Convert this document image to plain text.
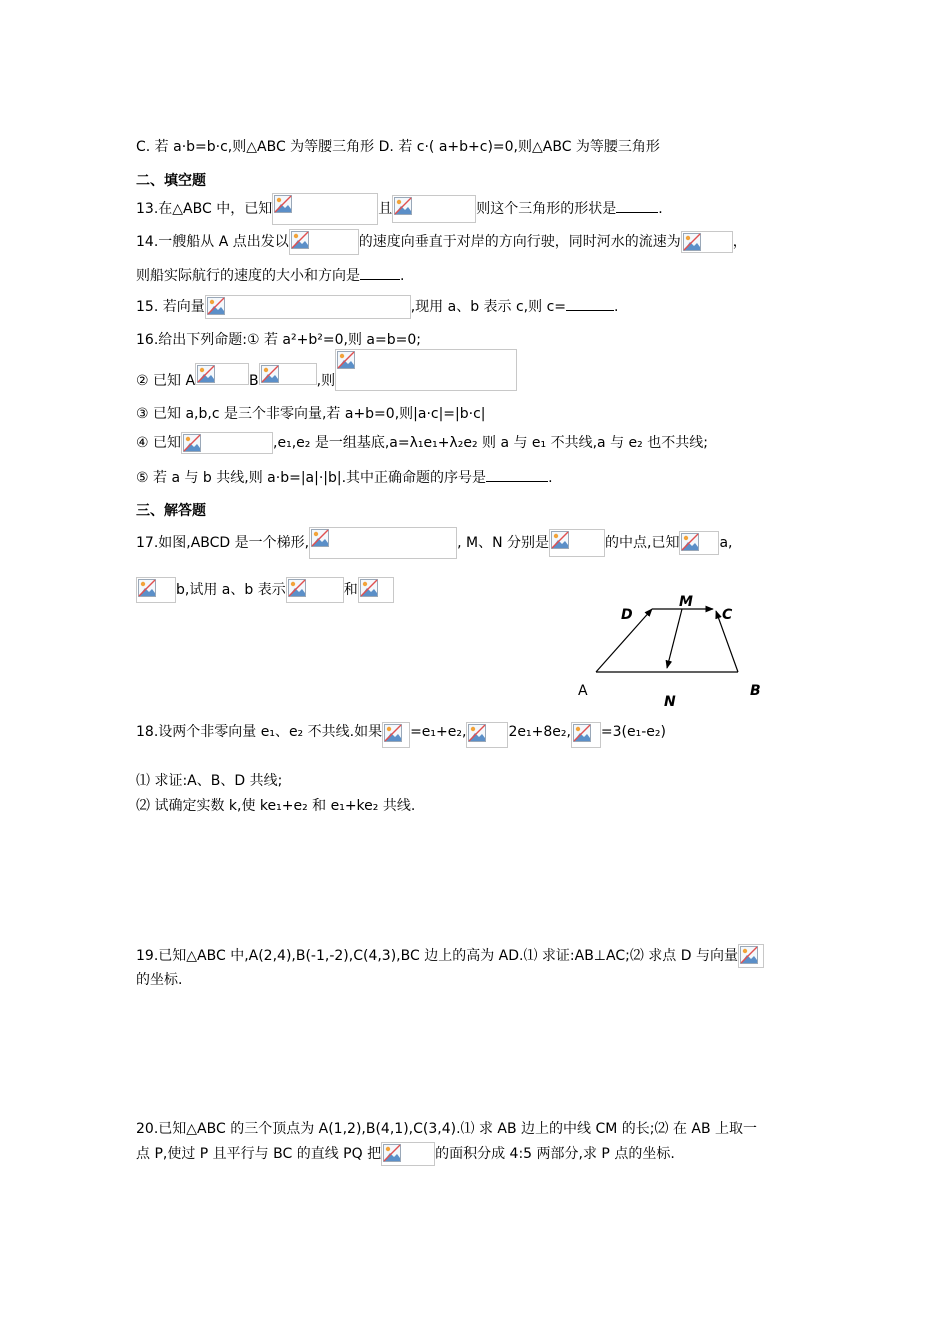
C. 若 a·b=b·c,则△ABC 为等腰三角形 D. 若 c·( a+b+c)=0,则△ABC 为等腰三角形
二、填空题
13.在△ABC 中，已知	且	则这个三角形的形状是	.
14.一艘船从 A 点出发以	的速度向垂直于对岸的方向行驶，同时河水的流速为	，
则船实际航行的速度的大小和方向是	.
15. 若向量	,现用 a、b 表示 c,则 c=	.
16.给出下列命题:① 若 a²+b²=0,则 a=b=0;
② 已知 A	B	,则
③ 已知 a,b,c 是三个非零向量,若 a+b=0,则|a·c|=|b·c|
④ 已知	,e₁,e₂ 是一组基底,a=λ₁e₁+λ₂e₂ 则 a 与 e₁ 不共线,a 与 e₂ 也不共线;
⑤ 若 a 与 b 共线,则 a·b=|a|·|b|.其中正确命题的序号是	.
三、解答题
17.如图,ABCD 是一个梯形,	, M、N 分别是	的中点,已知	a,
b,试用 a、b 表示	和
A	B
C
D
M
N
18.设两个非零向量 e₁、e₂ 不共线.如果 =e₁+e₂,	2e₁+8e₂, =3(e₁-e₂)
⑴ 求证:A、B、D 共线;
⑵ 试确定实数 k,使 ke₁+e₂ 和 e₁+ke₂ 共线.
19.已知△ABC 中,A(2,4),B(-1,-2),C(4,3),BC 边上的高为 AD.⑴ 求证:AB⊥AC;⑵ 求点 D 与向量
的坐标.
20.已知△ABC 的三个顶点为 A(1,2),B(4,1),C(3,4).⑴ 求 AB 边上的中线 CM 的长;⑵ 在 AB 上取一
点 P,使过 P 且平行与 BC 的直线 PQ 把	的面积分成 4:5 两部分,求 P 点的坐标.
